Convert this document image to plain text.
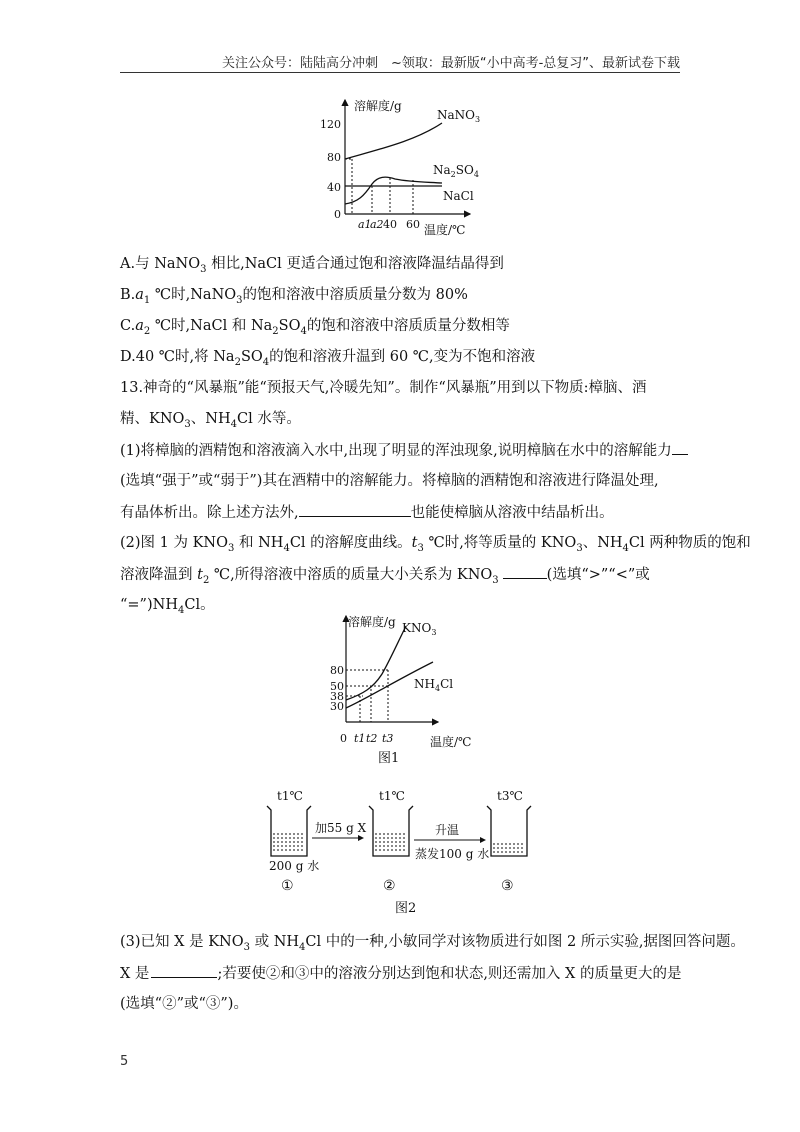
关注公众号：陆陆高分冲刺　~领取：最新版“小中高考-总复习”、最新试卷下载
溶解度/g
温度/℃
120
80
40
0
a1
a2 40 60
NaNO$_3$
$Na_2SO_4$
NaCl
A.与 NaNO$_3$ 相比,NaCl 更适合通过饱和溶液降温结晶得到
$B.a_1$ ℃时,NaNO$_3$的饱和溶液中溶质质量分数为 80%
$C.a_2$ ℃时,NaCl 和 $Na_2SO_4$的饱和溶液中溶质质量分数相等
D.40 ℃时,将 $Na_2SO_4$的饱和溶液升温到 60 ℃,变为不饱和溶液
13.神奇的“风暴瓶”能“预报天气,冷暖先知”。制作“风暴瓶”用到以下物质:樟脑、酒
精、$KNO_3$、$NH_4Cl$ 水等。
(1)将樟脑的酒精饱和溶液滴入水中,出现了明显的浑浊现象,说明樟脑在水中的溶解能力
(选填“强于”或“弱于”)其在酒精中的溶解能力。将樟脑的酒精饱和溶液进行降温处理,
有晶体析出。除上述方法外,	也能使樟脑从溶液中结晶析出。
(2)图 1 为 $KNO_3$ 和 $NH_4Cl$ 的溶解度曲线。$t_3$ ℃时,将等质量的 $KNO_3$、$NH_4Cl$ 两种物质的饱和
溶液降温到 $t_2$ ℃,所得溶液中溶质的质量大小关系为 $KNO_3$	(选填“>”“<”或
“$=”)NH_4Cl$。
溶解度/g
温度/℃
80
50
38
30
0 t1 t2 t3
$KNO_3$
$NH_4Cl$
图1
t1℃	t1℃	t3℃
200 g 水
加55 g X	升温
蒸发100 g 水
①	②	③
图2
(3)已知 X 是 $KNO_3$ 或 $NH_4Cl$ 中的一种,小敏同学对该物质进行如图 2 所示实验,据图回答问题。
X 是	;若要使②和③中的溶液分别达到饱和状态,则还需加入 X 的质量更大的是
(选填“②”或“③”)。
5
